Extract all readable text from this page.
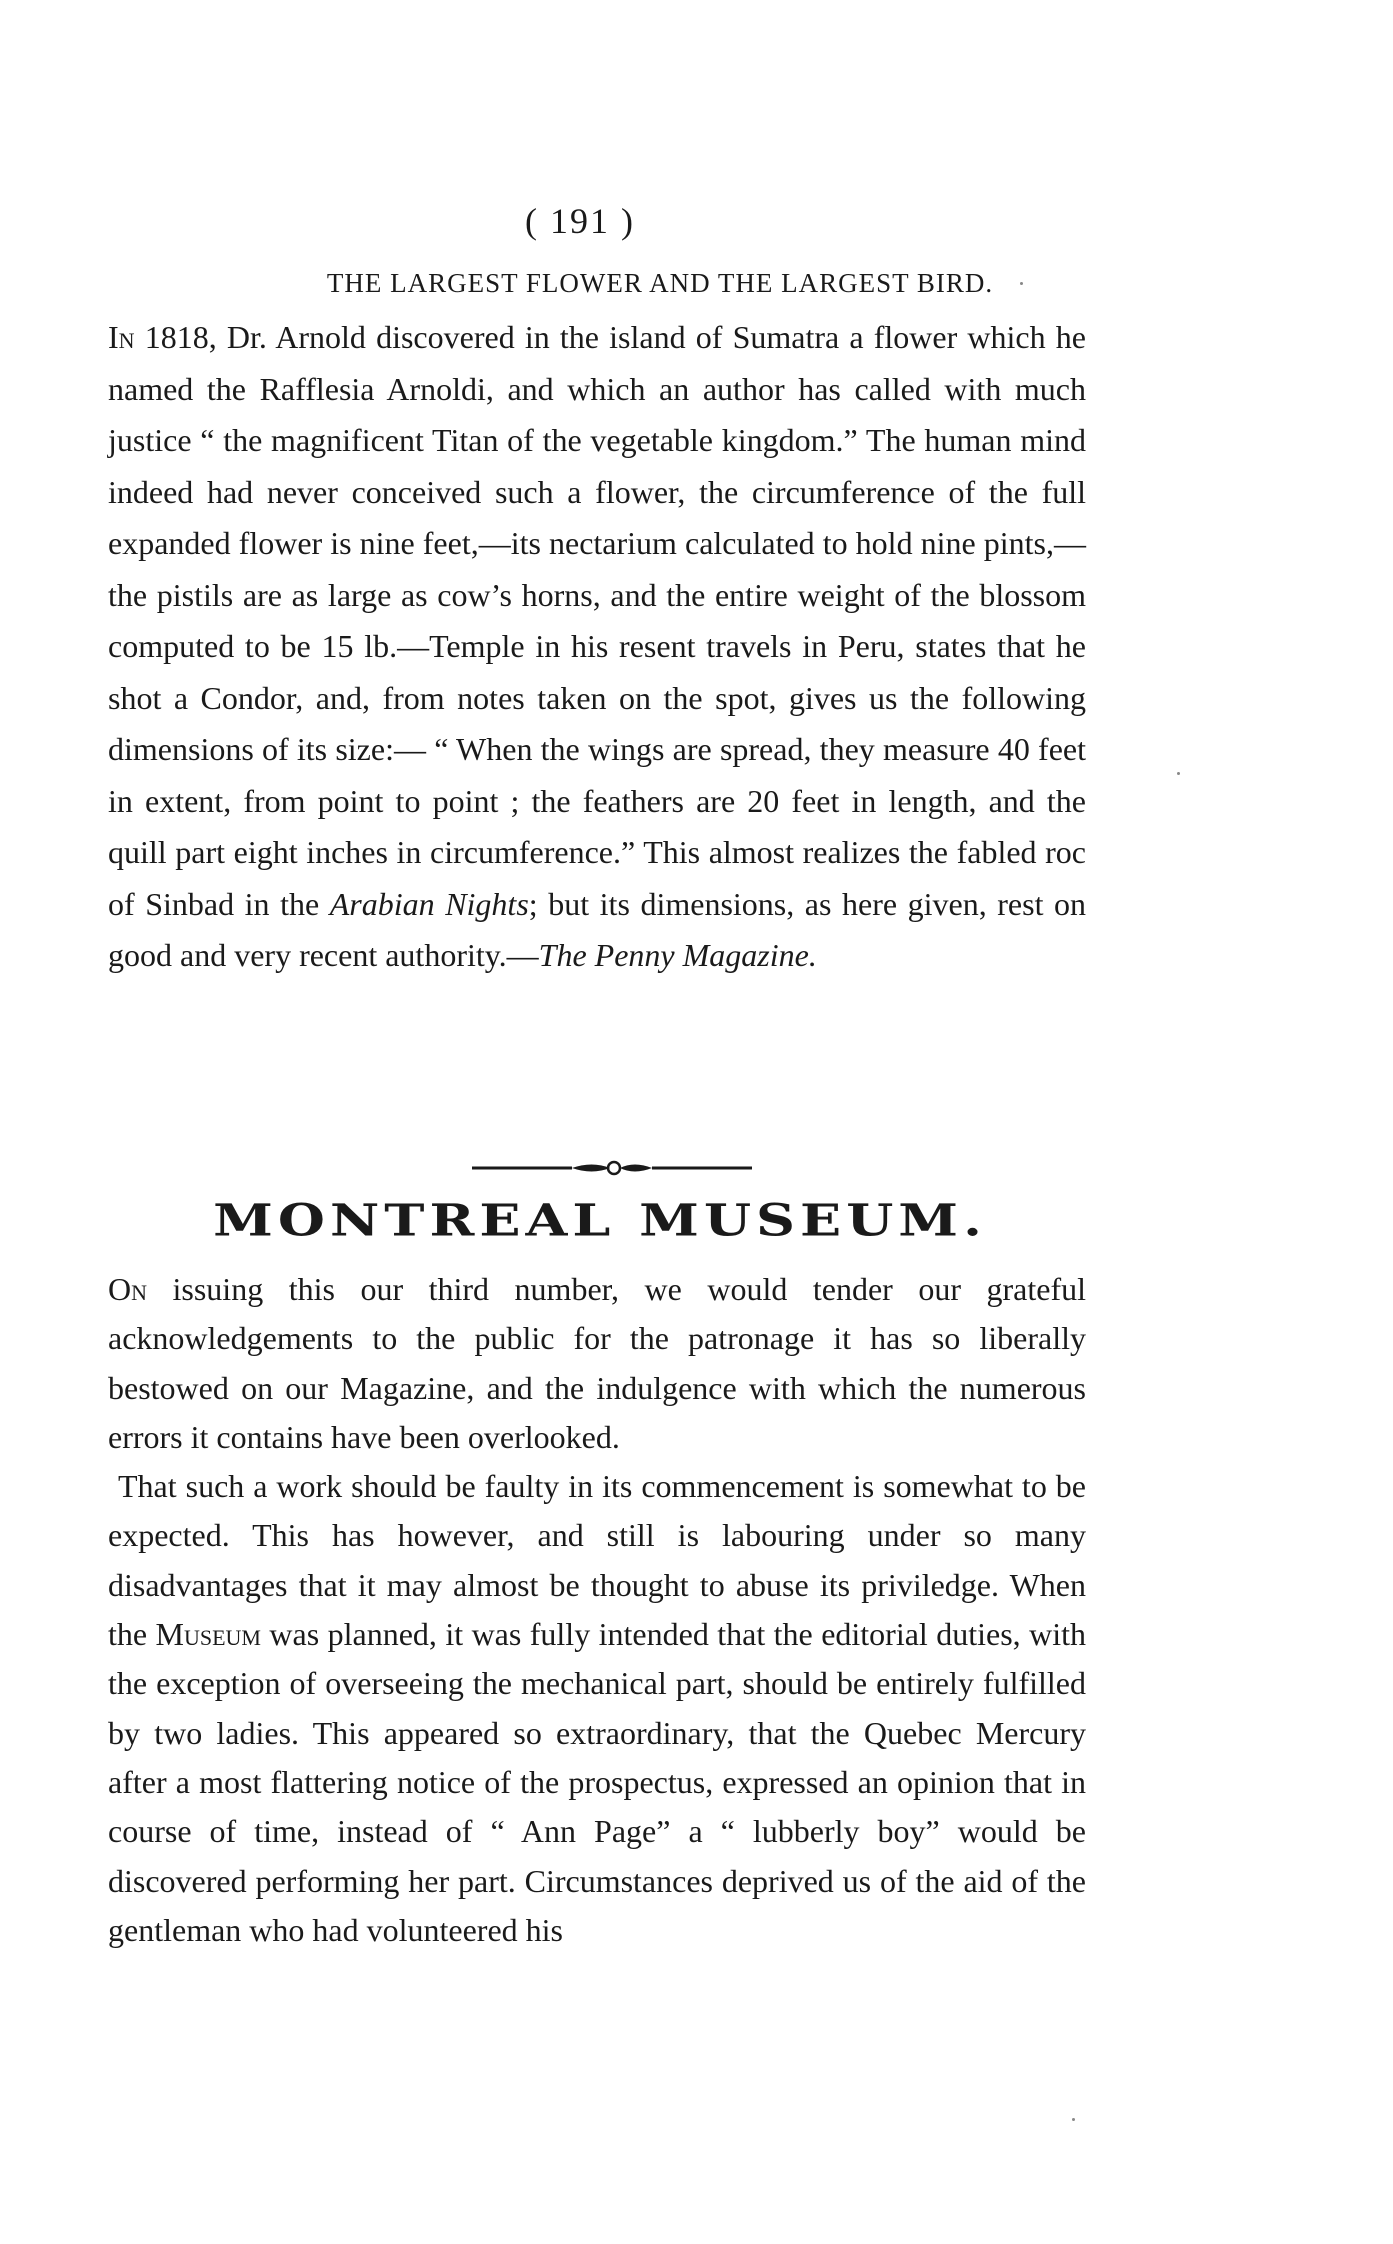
( 191 )
THE LARGEST FLOWER AND THE LARGEST BIRD.

In 1818, Dr. Arnold discovered in the island of Sumatra a flower which he named the Rafflesia Arnoldi, and which an author has called with much justice “ the magnificent Titan of the vegetable kingdom.” The human mind indeed had never conceived such a flower, the circumference of the full expanded flower is nine feet,—its nectarium calculated to hold nine pints,—the pistils are as large as cow’s horns, and the entire weight of the blossom computed to be 15 lb.—Temple in his resent travels in Peru, states that he shot a Condor, and, from notes taken on the spot, gives us the following dimensions of its size:— “ When the wings are spread, they measure 40 feet in extent, from point to point ; the feathers are 20 feet in length, and the quill part eight inches in circumference.” This almost realizes the fabled roc of Sinbad in the Arabian Nights; but its dimensions, as here given, rest on good and very recent authority.—The Penny Magazine.

MONTREAL MUSEUM.

On issuing this our third number, we would tender our grateful acknowledgements to the public for the patronage it has so liberally bestowed on our Magazine, and the indulgence with which the numerous errors it contains have been overlooked.

That such a work should be faulty in its commencement is somewhat to be expected. This has however, and still is labouring under so many disadvantages that it may almost be thought to abuse its priviledge. When the Museum was planned, it was fully intended that the editorial duties, with the exception of overseeing the mechanical part, should be entirely fulfilled by two ladies. This appeared so extraordinary, that the Quebec Mercury after a most flattering notice of the prospectus, expressed an opinion that in course of time, instead of “ Ann Page” a “ lubberly boy” would be discovered performing her part. Circumstances deprived us of the aid of the gentleman who had volunteered his
